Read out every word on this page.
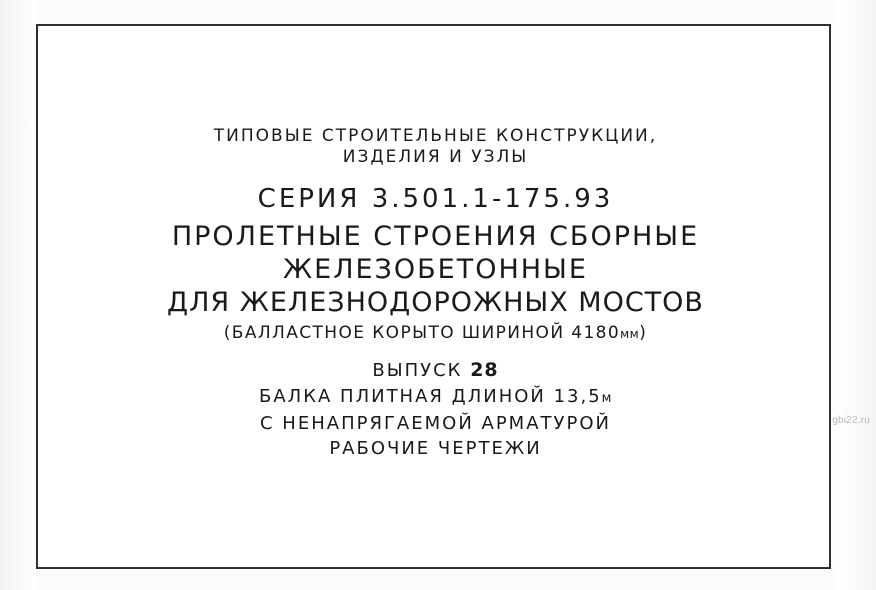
ТИПОВЫЕ СТРОИТЕЛЬНЫЕ КОНСТРУКЦИИ,
ИЗДЕЛИЯ И УЗЛЫ
СЕРИЯ 3.501.1-175.93
ПРОЛЕТНЫЕ СТРОЕНИЯ СБОРНЫЕ
ЖЕЛЕЗОБЕТОННЫЕ
ДЛЯ ЖЕЛЕЗНОДОРОЖНЫХ МОСТОВ
(БАЛЛАСТНОЕ КОРЫТО ШИРИНОЙ 4180мм)
ВЫПУСК 28
БАЛКА ПЛИТНАЯ ДЛИНОЙ 13,5м
С НЕНАПРЯГАЕМОЙ АРМАТУРОЙ
РАБОЧИЕ ЧЕРТЕЖИ
gbi22.ru
